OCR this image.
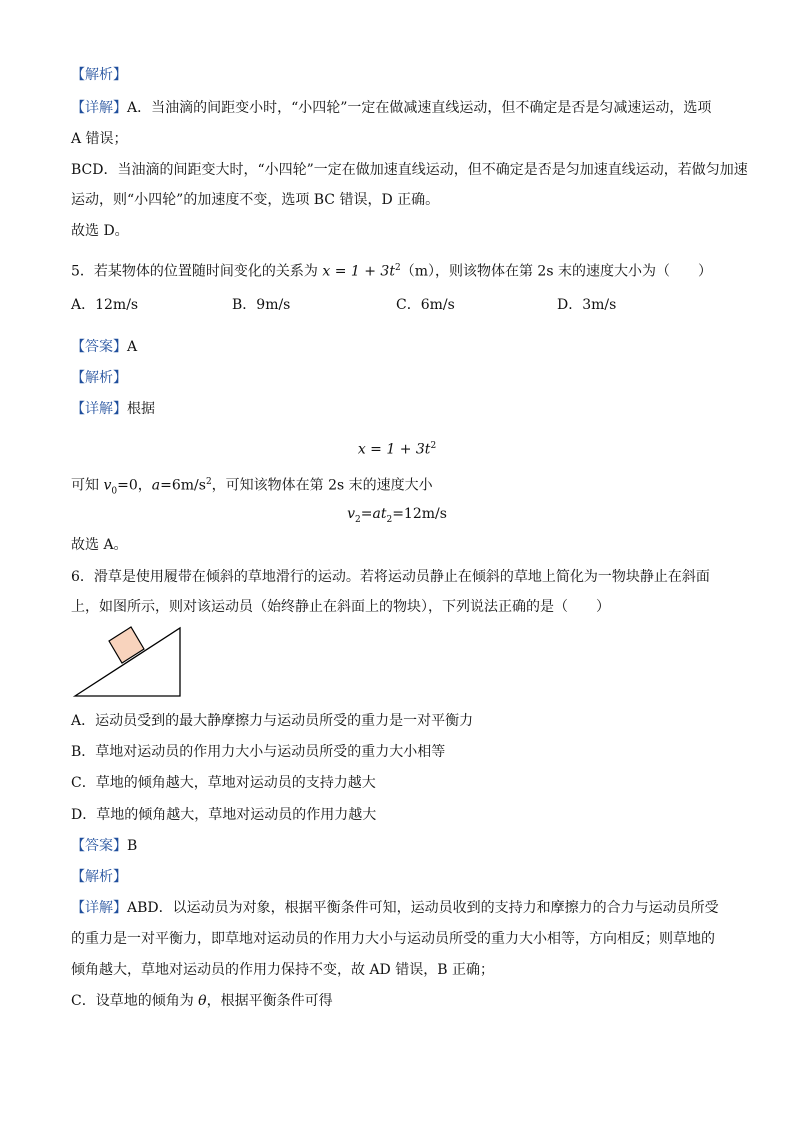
【解析】
【详解】A．当油滴的间距变小时，“小四轮”一定在做减速直线运动，但不确定是否是匀减速运动，选项
A 错误；
BCD．当油滴的间距变大时，“小四轮”一定在做加速直线运动，但不确定是否是匀加速直线运动，若做匀加速
运动，则“小四轮”的加速度不变，选项 BC 错误，D 正确。
故选 D。
5．若某物体的位置随时间变化的关系为 $x = 1 + 3t^2(m)$，则该物体在第 2s 末的速度大小为（　　）
A．12m/s	B．9m/s	C．6m/s	D．3m/s
【答案】A
【解析】
【详解】根据
$x = 1 + 3t^2$
可知 $v_0=0$，$a=6m/s^2$，可知该物体在第 2s 末的速度大小
$v_2=at_2=12m/s$
故选 A。
6．滑草是使用履带在倾斜的草地滑行的运动。若将运动员静止在倾斜的草地上简化为一物块静止在斜面
上，如图所示，则对该运动员（始终静止在斜面上的物块），下列说法正确的是（　　）
A．运动员受到的最大静摩擦力与运动员所受的重力是一对平衡力
B．草地对运动员的作用力大小与运动员所受的重力大小相等
C．草地的倾角越大，草地对运动员的支持力越大
D．草地的倾角越大，草地对运动员的作用力越大
【答案】B
【解析】
【详解】ABD．以运动员为对象，根据平衡条件可知，运动员收到的支持力和摩擦力的合力与运动员所受
的重力是一对平衡力，即草地对运动员的作用力大小与运动员所受的重力大小相等，方向相反；则草地的
倾角越大，草地对运动员的作用力保持不变，故 AD 错误，B 正确；
C．设草地的倾角为 θ，根据平衡条件可得
